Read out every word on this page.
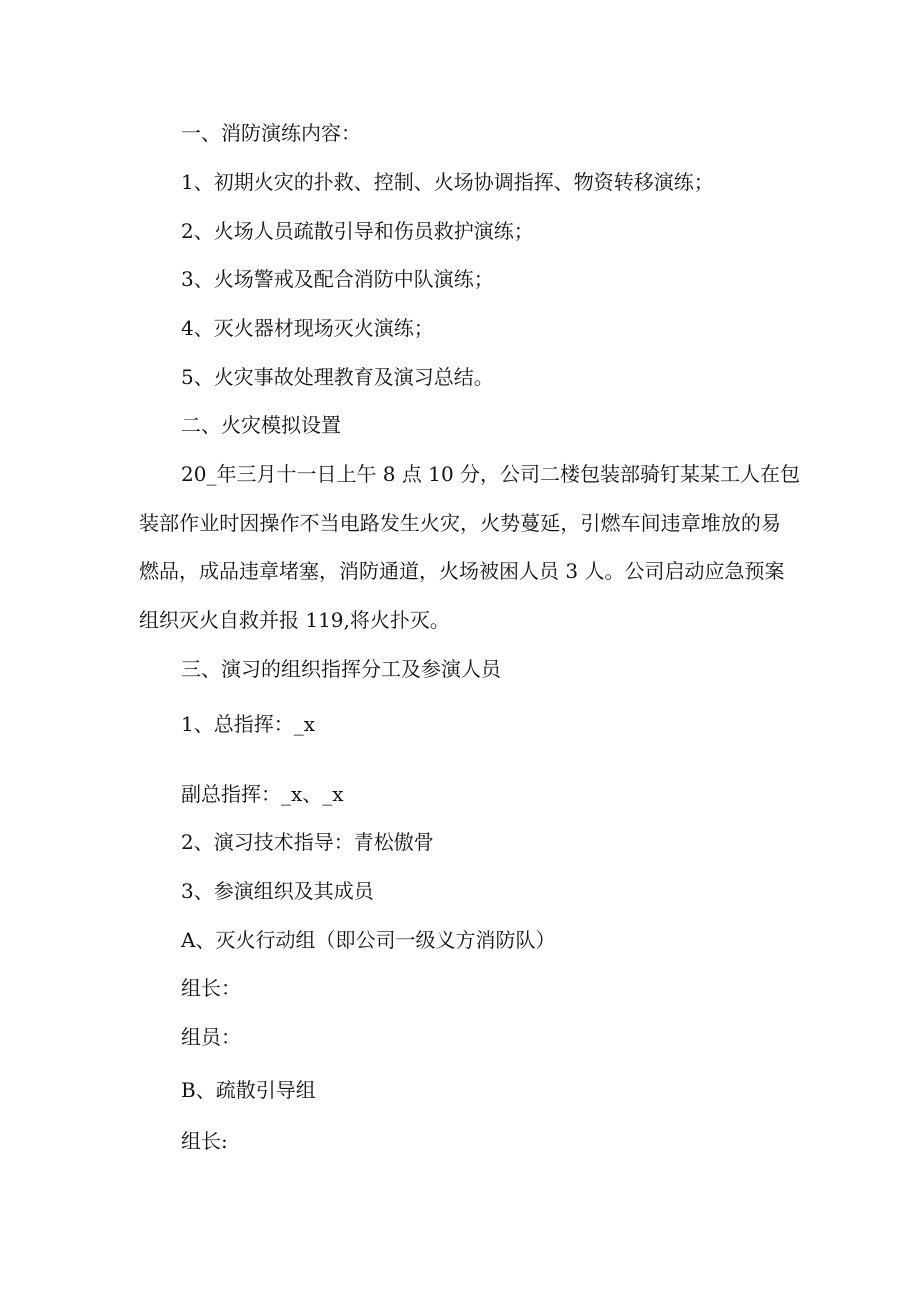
一、消防演练内容：
1、初期火灾的扑救、控制、火场协调指挥、物资转移演练；
2、火场人员疏散引导和伤员救护演练；
3、火场警戒及配合消防中队演练；
4、灭火器材现场灭火演练；
5、火灾事故处理教育及演习总结。
二、火灾模拟设置
20_年三月十一日上午 8 点 10 分，公司二楼包装部骑钉某某工人在包
装部作业时因操作不当电路发生火灾，火势蔓延，引燃车间违章堆放的易
燃品，成品违章堵塞，消防通道，火场被困人员 3 人。公司启动应急预案
组织灭火自救并报 119,将火扑灭。
三、演习的组织指挥分工及参演人员
1、总指挥：_x
副总指挥：_x、_x
2、演习技术指导：青松傲骨
3、参演组织及其成员
A、灭火行动组（即公司一级义方消防队）
组长：
组员：
B、疏散引导组
组长:
